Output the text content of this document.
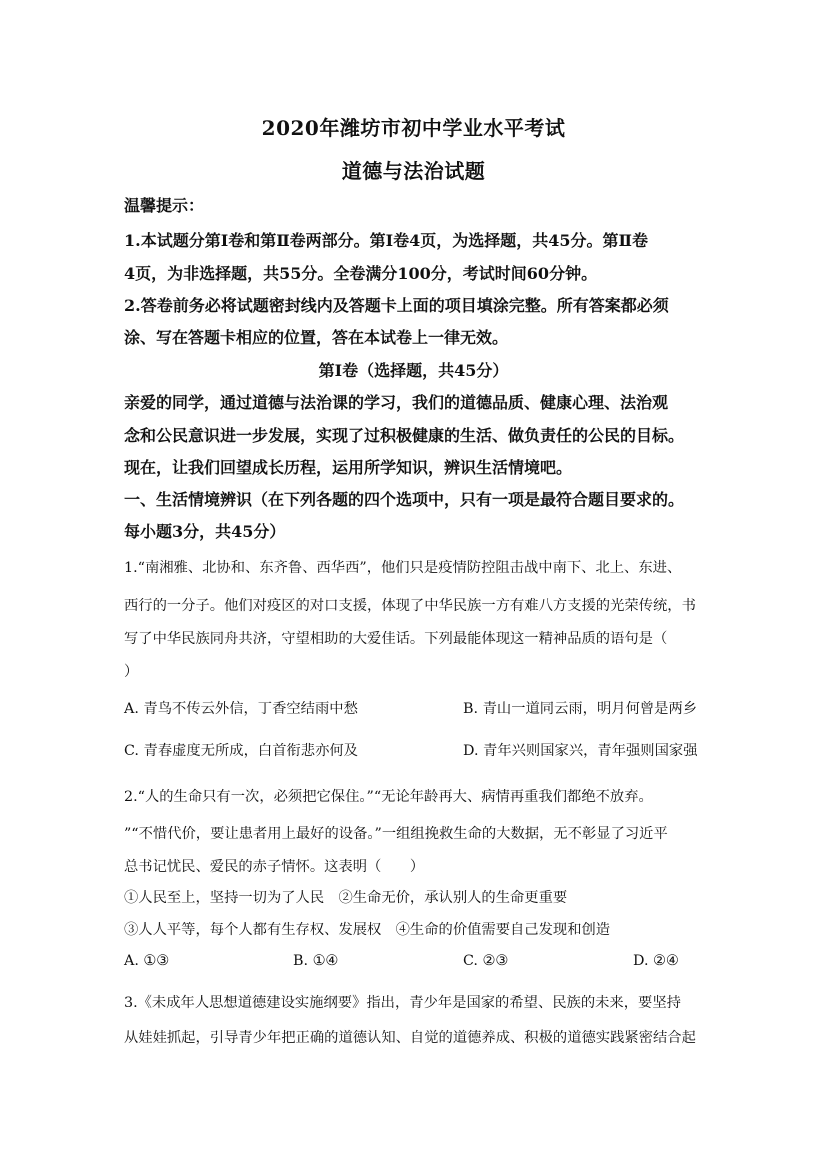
2020年潍坊市初中学业水平考试
道德与法治试题
温馨提示：
1.本试题分第Ⅰ卷和第Ⅱ卷两部分。第Ⅰ卷4页，为选择题，共45分。第Ⅱ卷
4页，为非选择题，共55分。全卷满分100分，考试时间60分钟。
2.答卷前务必将试题密封线内及答题卡上面的项目填涂完整。所有答案都必须
涂、写在答题卡相应的位置，答在本试卷上一律无效。
第Ⅰ卷（选择题，共45分）
亲爱的同学，通过道德与法治课的学习，我们的道德品质、健康心理、法治观
念和公民意识进一步发展，实现了过积极健康的生活、做负责任的公民的目标。
现在，让我们回望成长历程，运用所学知识，辨识生活情境吧。
一、生活情境辨识（在下列各题的四个选项中，只有一项是最符合题目要求的。
每小题3分，共45分）
1.“南湘雅、北协和、东齐鲁、西华西”，他们只是疫情防控阻击战中南下、北上、东进、
西行的一分子。他们对疫区的对口支援，体现了中华民族一方有难八方支援的光荣传统，书
写了中华民族同舟共济，守望相助的大爱佳话。下列最能体现这一精神品质的语句是（
）
A. 青鸟不传云外信，丁香空结雨中愁	B. 青山一道同云雨，明月何曾是两乡
C. 青春虚度无所成，白首衔悲亦何及	D. 青年兴则国家兴，青年强则国家强
2.“人的生命只有一次，必须把它保住。”“无论年龄再大、病情再重我们都绝不放弃。
”“不惜代价，要让患者用上最好的设备。”一组组挽救生命的大数据，无不彰显了习近平
总书记忧民、爱民的赤子情怀。这表明（　　）
①人民至上，坚持一切为了人民　②生命无价，承认别人的生命更重要
③人人平等，每个人都有生存权、发展权　④生命的价值需要自己发现和创造
A. ①③	B. ①④	C. ②③	D. ②④
3.《未成年人思想道德建设实施纲要》指出，青少年是国家的希望、民族的未来，要坚持
从娃娃抓起，引导青少年把正确的道德认知、自觉的道德养成、积极的道德实践紧密结合起
